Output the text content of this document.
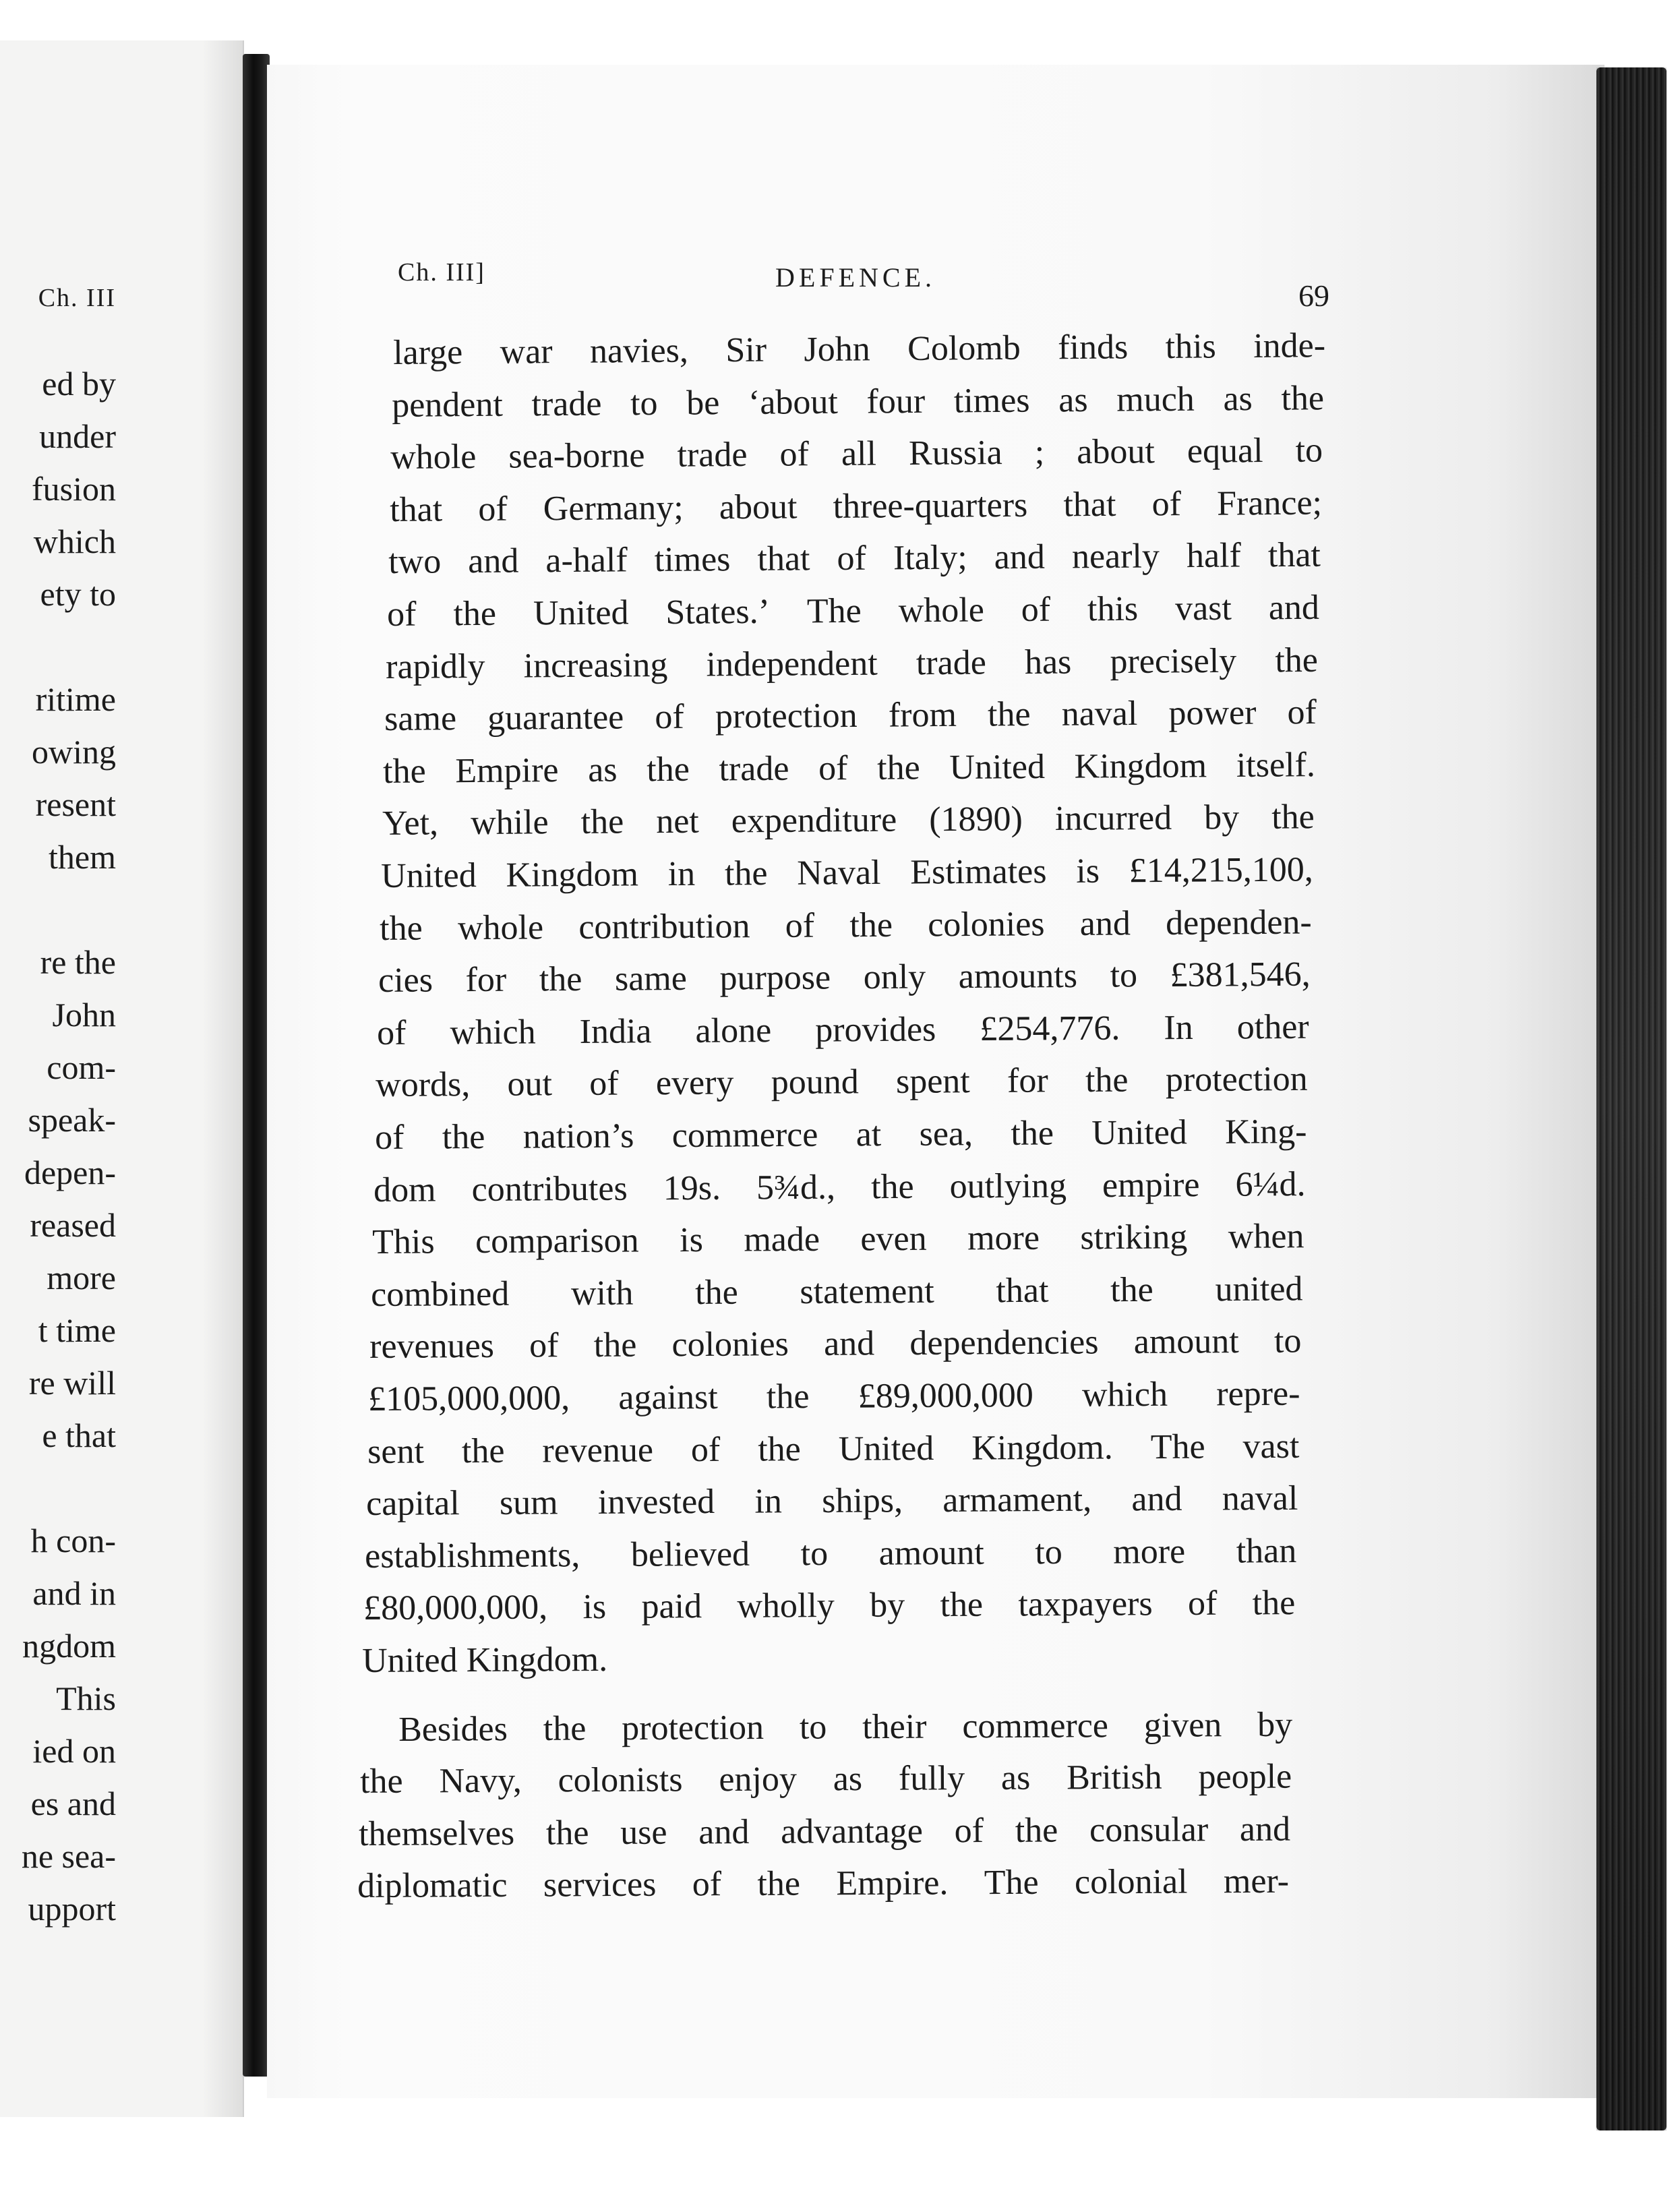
Ch. III
ed by
under
fusion
which
ety to
ritime
owing
resent
them
re the
John
com-
speak-
depen-
reased
more
t time
re will
e that
h con-
and in
ngdom
This
ied on
es and
ne sea-
upport
Ch. III]	DEFENCE.
69
large war navies, Sir John Colomb finds this inde-
pendent trade to be ‘about four times as much as the
whole sea-borne trade of all Russia ; about equal to
that of Germany; about three-quarters that of France;
two and a-half times that of Italy; and nearly half that
of the United States.’ The whole of this vast and
rapidly increasing independent trade has precisely the
same guarantee of protection from the naval power of
the Empire as the trade of the United Kingdom itself.
Yet, while the net expenditure (1890) incurred by the
United Kingdom in the Naval Estimates is £14,215,100,
the whole contribution of the colonies and dependen-
cies for the same purpose only amounts to £381,546,
of which India alone provides £254,776. In other
words, out of every pound spent for the protection
of the nation’s commerce at sea, the United King-
dom contributes 19s. 5¾d., the outlying empire 6¼d.
This comparison is made even more striking when
combined with the statement that the united
revenues of the colonies and dependencies amount to
£105,000,000, against the £89,000,000 which repre-
sent the revenue of the United Kingdom. The vast
capital sum invested in ships, armament, and naval
establishments, believed to amount to more than
£80,000,000, is paid wholly by the taxpayers of the
United Kingdom.
Besides the protection to their commerce given by
the Navy, colonists enjoy as fully as British people
themselves the use and advantage of the consular and
diplomatic services of the Empire. The colonial mer-
